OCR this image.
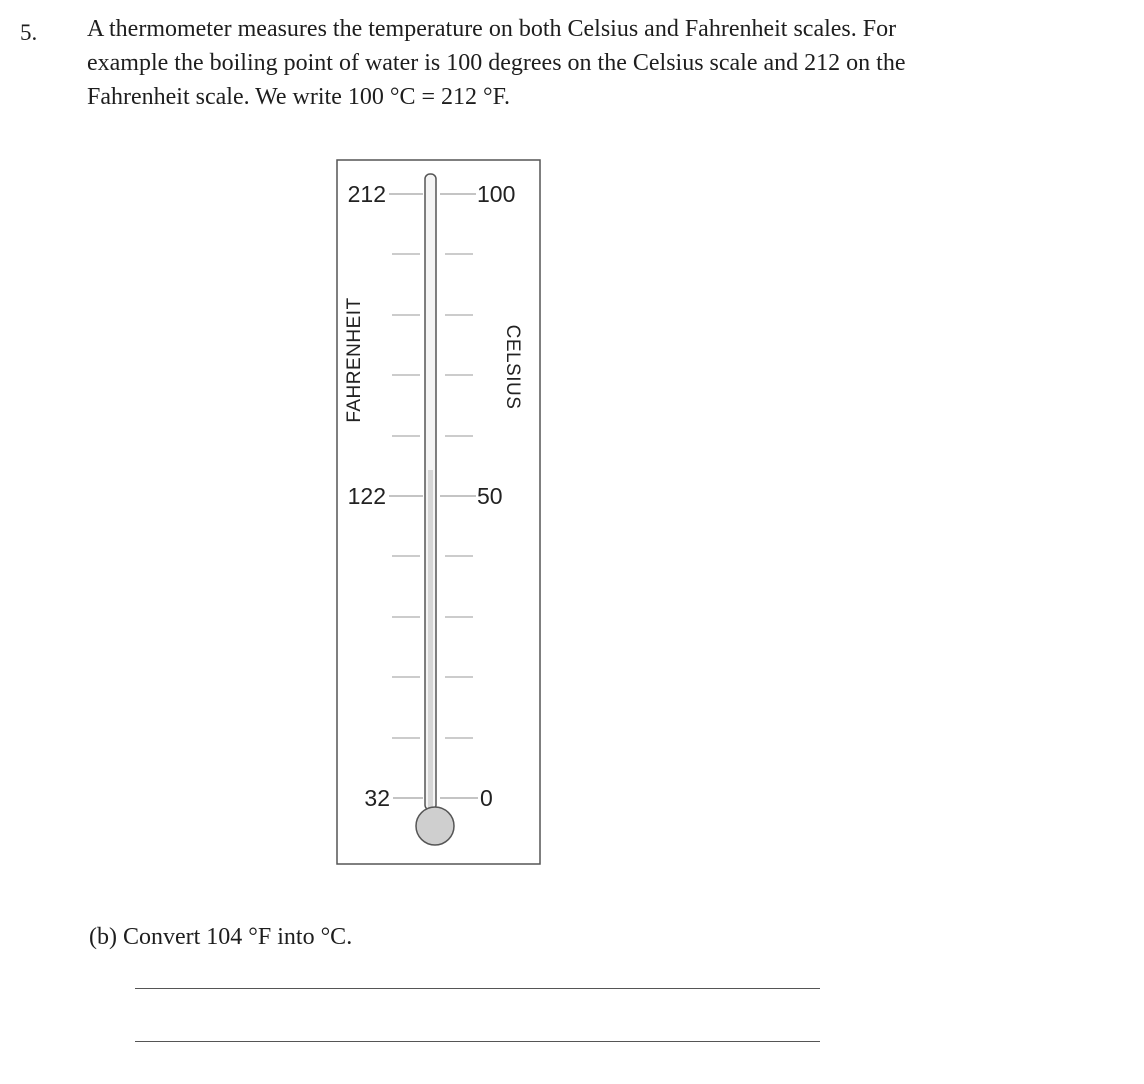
5. A thermometer measures the temperature on both Celsius and Fahrenheit scales. For
example the boiling point of water is 100 degrees on the Celsius scale and 212 on the
Fahrenheit scale. We write 100 °C = 212 °F.
212
122
32
100
50
0
FAHRENHEIT	CELSIUS

(b) Convert 104 °F into °C.
